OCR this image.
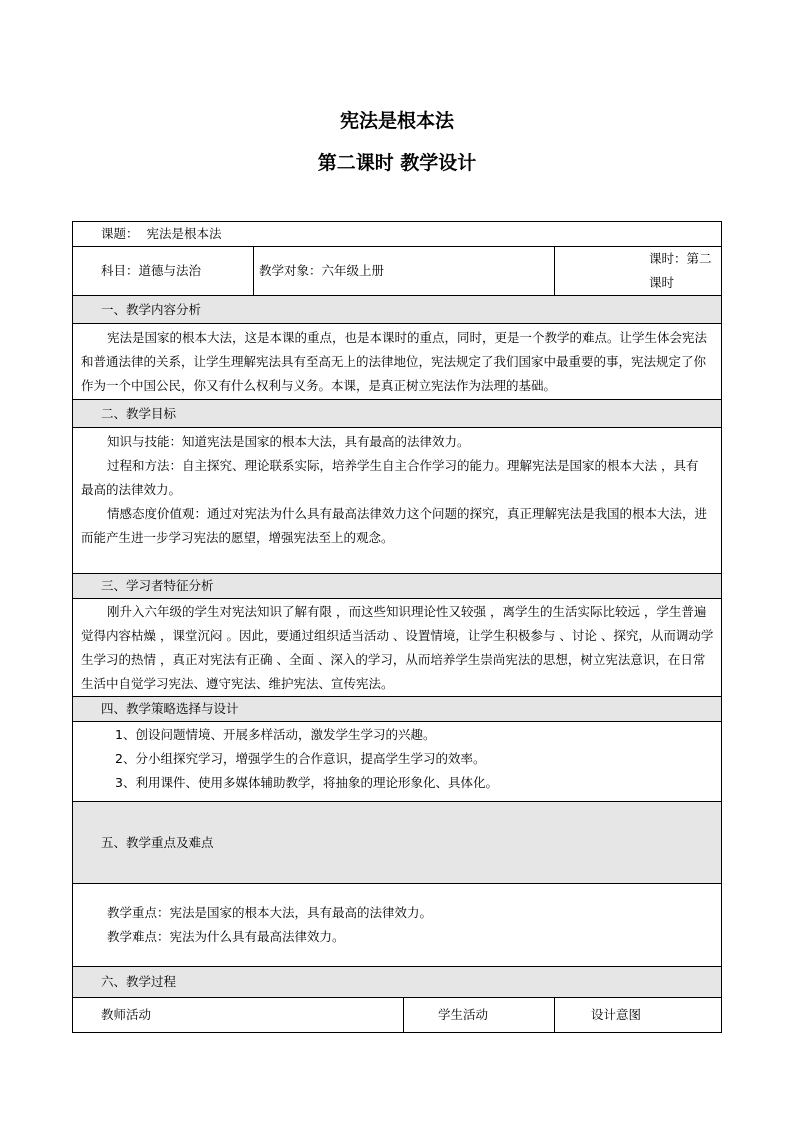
宪法是根本法
第二课时 教学设计
课题： 宪法是根本法			
科目：道德与法治	教学对象：六年级上册		课时：第二课时
一、教学内容分析			
宪法是国家的根本大法，这是本课的重点，也是本课时的重点，同时，更是一个教学的难点。让学生体会宪法和普通法律的关系，让学生理解宪法具有至高无上的法律地位，宪法规定了我们国家中最重要的事，宪法规定了你作为一个中国公民，你又有什么权利与义务。本课，是真正树立宪法作为法理的基础。			
二、教学目标			

知识与技能：知道宪法是国家的根本大法，具有最高的法律效力。
过程和方法：自主探究、理论联系实际，培养学生自主合作学习的能力。理解宪法是国家的根本大法 ，具有最高的法律效力。
情感态度价值观：通过对宪法为什么具有最高法律效力这个问题的探究，真正理解宪法是我国的根本大法，进而能产生进一步学习宪法的愿望，增强宪法至上的观念。			

三、学习者特征分析			
刚升入六年级的学生对宪法知识了解有限 ，而这些知识理论性又较强 ，离学生的生活实际比较远 ，学生普遍觉得内容枯燥 ，课堂沉闷 。因此，要通过组织适当活动 、设置情境，让学生积极参与 、讨论 、探究，从而调动学生学习的热情 ，真正对宪法有正确 、全面 、深入的学习，从而培养学生崇尚宪法的思想，树立宪法意识，在日常生活中自觉学习宪法、遵守宪法、维护宪法、宣传宪法。			
四、教学策略选择与设计			

1、创设问题情境、开展多样活动，激发学生学习的兴趣。
2、分小组探究学习，增强学生的合作意识，提高学生学习的效率。
3、利用课件、使用多媒体辅助教学，将抽象的理论形象化、具体化。			

五、教学重点及难点			

教学重点：宪法是国家的根本大法，具有最高的法律效力。
教学难点：宪法为什么具有最高法律效力。			

六、教学过程			
教师活动		学生活动	设计意图
